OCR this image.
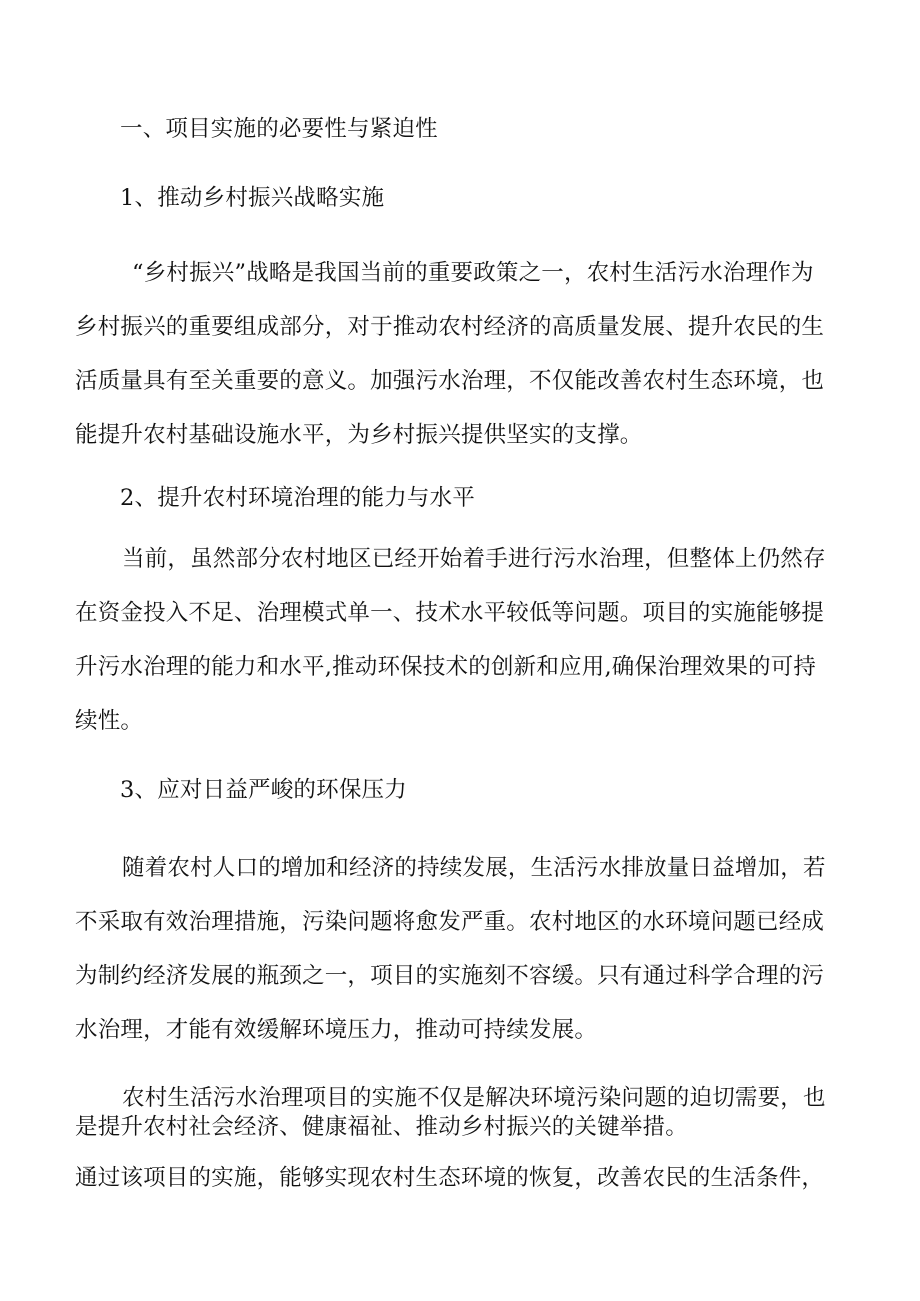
一、项目实施的必要性与紧迫性
1、推动乡村振兴战略实施
“乡村振兴”战略是我国当前的重要政策之一，农村生活污水治理作为
乡村振兴的重要组成部分，对于推动农村经济的高质量发展、提升农民的生
活质量具有至关重要的意义。加强污水治理，不仅能改善农村生态环境，也
能提升农村基础设施水平，为乡村振兴提供坚实的支撑。
2、提升农村环境治理的能力与水平
当前，虽然部分农村地区已经开始着手进行污水治理，但整体上仍然存
在资金投入不足、治理模式单一、技术水平较低等问题。项目的实施能够提
升污水治理的能力和水平,推动环保技术的创新和应用,确保治理效果的可持
续性。
3、应对日益严峻的环保压力
随着农村人口的增加和经济的持续发展，生活污水排放量日益增加，若
不采取有效治理措施，污染问题将愈发严重。农村地区的水环境问题已经成
为制约经济发展的瓶颈之一，项目的实施刻不容缓。只有通过科学合理的污
水治理，才能有效缓解环境压力，推动可持续发展。
农村生活污水治理项目的实施不仅是解决环境污染问题的迫切需要，也
是提升农村社会经济、健康福祉、推动乡村振兴的关键举措。
通过该项目的实施，能够实现农村生态环境的恢复，改善农民的生活条件，
